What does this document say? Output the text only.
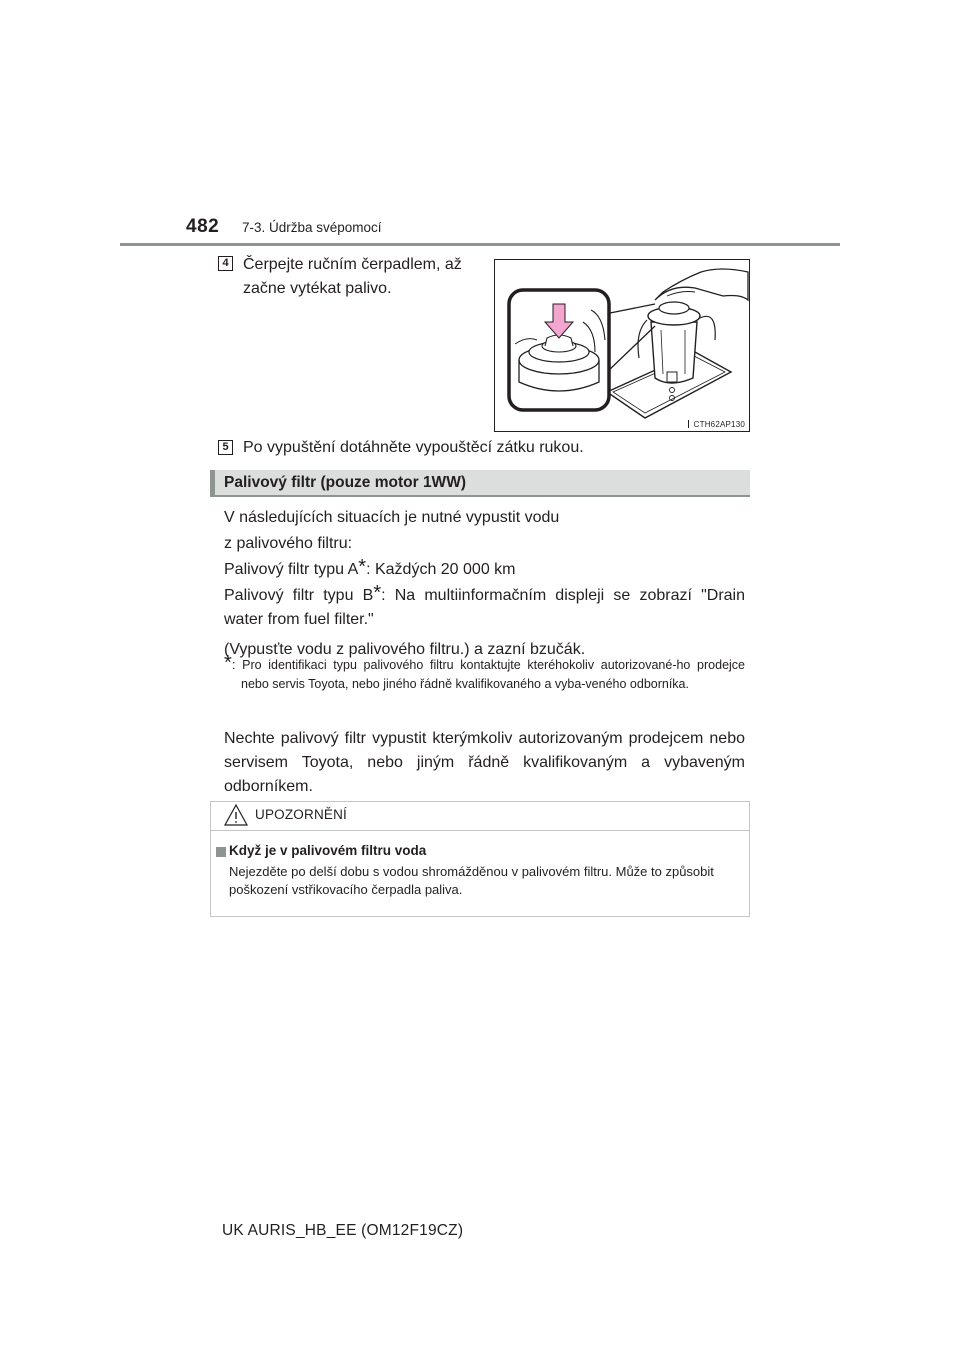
482 7-3. Údržba svépomocí
4 Čerpejte ručním čerpadlem, až
začne vytékat palivo.
CTH62AP130
5 Po vypuštění dotáhněte vypouštěcí zátku rukou.
Palivový filtr (pouze motor 1WW)
V následujících situacích je nutné vypustit vodu
z palivového filtru:
Palivový filtr typu A*: Každých 20 000 km
Palivový filtr typu B*: Na multiinformačním displeji se zobrazí "Drain water from fuel filter."
(Vypusťte vodu z palivového filtru.) a zazní bzučák.
* : Pro identifikaci typu palivového filtru kontaktujte kteréhokoliv autorizované-ho prodejce nebo servis Toyota, nebo jiného řádně kvalifikovaného a vyba-veného odborníka.
Nechte palivový filtr vypustit kterýmkoliv autorizovaným prodejcem nebo servisem Toyota, nebo jiným řádně kvalifikovaným a vybaveným odborníkem.
UPOZORNĚNÍ
Když je v palivovém filtru voda
Nejezděte po delší dobu s vodou shromážděnou v palivovém filtru. Může to způsobit poškození vstřikovacího čerpadla paliva.
UK AURIS_HB_EE (OM12F19CZ)
